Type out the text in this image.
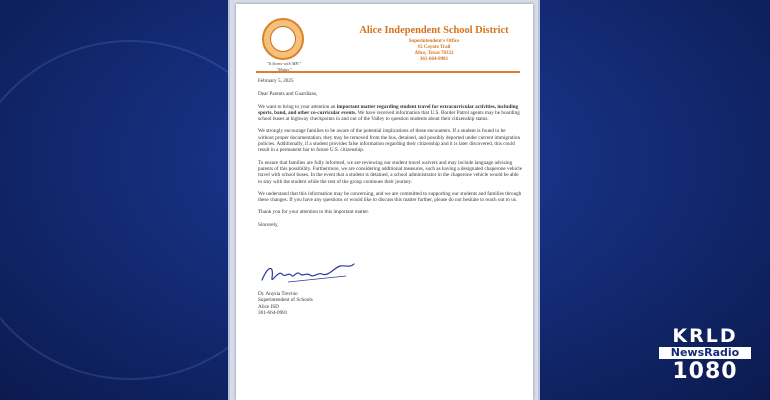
"It Starts with ME!"
"Matter"
Alice Independent School District
Superintendent's Office
#2 Coyote Trail
Alice, Texas 78332
361-664-0981

February 5, 2025

Dear Parents and Guardians,

We want to bring to your attention an important matter regarding student travel for extracurricular activities, including sports, band, and other co-curricular events. We have received information that U.S. Border Patrol agents may be boarding school buses at highway checkpoints in and out of the Valley to question students about their citizenship status.

We strongly encourage families to be aware of the potential implications of these encounters. If a student is found to be without proper documentation, they may be removed from the bus, detained, and possibly deported under current immigration policies. Additionally, if a student provides false information regarding their citizenship and it is later discovered, this could result in a permanent bar to future U.S. citizenship.

To ensure that families are fully informed, we are reviewing our student travel waivers and may include language advising parents of this possibility. Furthermore, we are considering additional measures, such as having a designated chaperone vehicle travel with school buses. In the event that a student is detained, a school administrator in the chaperone vehicle would be able to stay with the student while the rest of the group continues their journey.

We understand that this information may be concerning, and we are committed to supporting our students and families through these changes. If you have any questions or would like to discuss this matter further, please do not hesitate to reach out to us.

Thank you for your attention to this important matter.

Sincerely,

Dr. Anysia Trevino
Superintendent of Schools
Alice ISD
361-664-0981
KRLD
NewsRadio
1080
